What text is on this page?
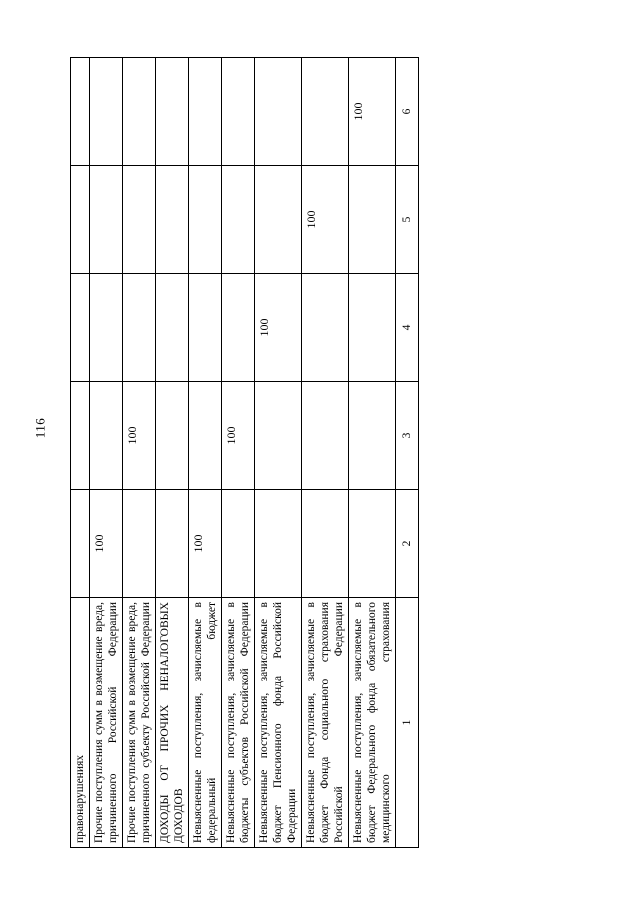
116
правонарушениях					
Прочие поступления сумм в возмещение вреда, причиненного Российской Федерации	100				
Прочие поступления сумм в возмещение вреда, причиненного субъекту Российской Федерации		100			
ДОХОДЫ ОТ ПРОЧИХ НЕНАЛОГОВЫХ ДОХОДОВ					
Невыясненные поступления, зачисляемые в федеральный бюджет	100				
Невыясненные поступления, зачисляемые в бюджеты субъектов Российской Федерации		100			
Невыясненные поступления, зачисляемые в бюджет Пенсионного фонда Российской Федерации			100		
Невыясненные поступления, зачисляемые в бюджет Фонда социального страхования Российской Федерации				100	
Невыясненные поступления, зачисляемые в бюджет Федерального фонда обязательного медицинского страхования					100
1	2	3	4	5	6
